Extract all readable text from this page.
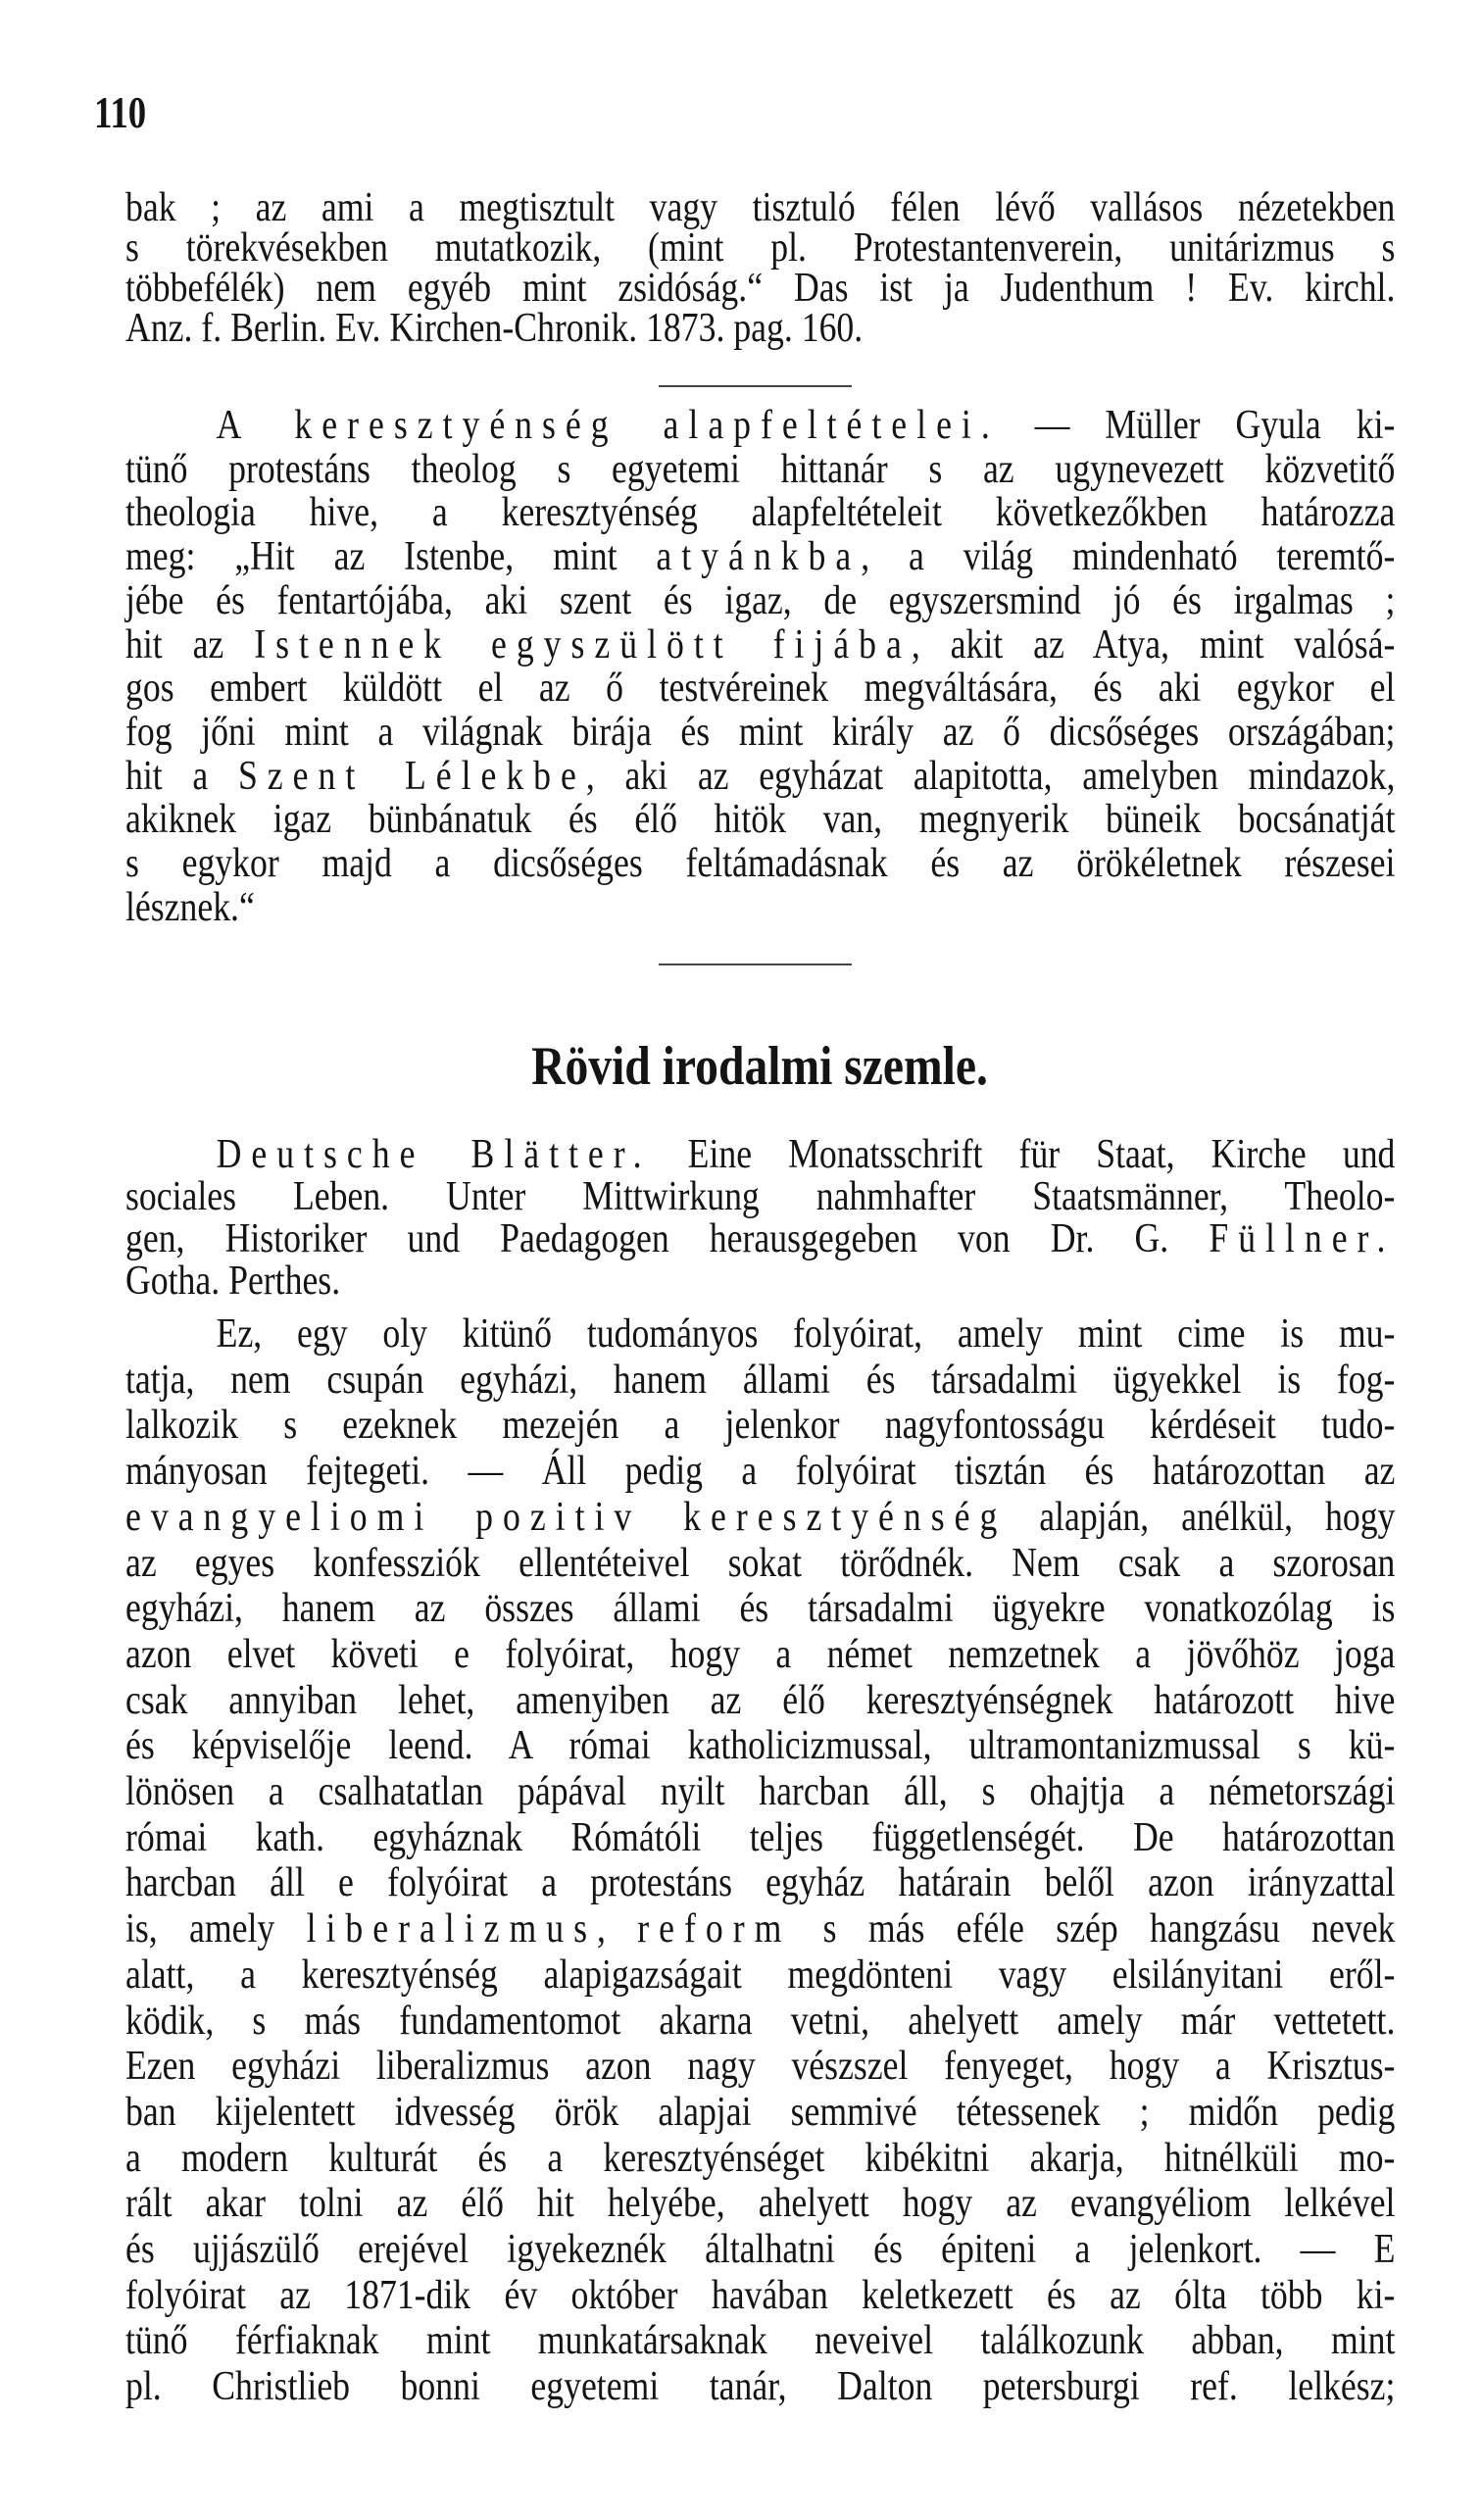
110
bak ; az ami a megtisztult vagy tisztuló félen lévő vallásos nézetekben
s törekvésekben mutatkozik, (mint pl. Protestantenverein, unitárizmus s
többefélék) nem egyéb mint zsidóság.“ Das ist ja Judenthum ! Ev. kirchl.
Anz. f. Berlin. Ev. Kirchen-Chronik. 1873. pag. 160.
A keresztyénség alapfeltételei. — Müller Gyula ki-
tünő protestáns theolog s egyetemi hittanár s az ugynevezett közvetitő
theologia hive, a keresztyénség alapfeltételeit következőkben határozza
meg: „Hit az Istenbe, mint atyánkba, a világ mindenható teremtő-
jébe és fentartójába, aki szent és igaz, de egyszersmind jó és irgalmas ;
hit az Istennek egyszülött fijába, akit az Atya, mint valósá-
gos embert küldött el az ő testvéreinek megváltására, és aki egykor el
fog jőni mint a világnak birája és mint király az ő dicsőséges országában;
hit a Szent Lélekbe, aki az egyházat alapitotta, amelyben mindazok,
akiknek igaz bünbánatuk és élő hitök van, megnyerik büneik bocsánatját
s egykor majd a dicsőséges feltámadásnak és az örökéletnek részesei
lésznek.“
Rövid irodalmi szemle.
Deutsche Blätter. Eine Monatsschrift für Staat, Kirche und
sociales Leben. Unter Mittwirkung nahmhafter Staatsmänner, Theolo-
gen, Historiker und Paedagogen herausgegeben von Dr. G. Füllner.
Gotha. Perthes.
Ez, egy oly kitünő tudományos folyóirat, amely mint cime is mu-
tatja, nem csupán egyházi, hanem állami és társadalmi ügyekkel is fog-
lalkozik s ezeknek mezején a jelenkor nagyfontosságu kérdéseit tudo-
mányosan fejtegeti. — Áll pedig a folyóirat tisztán és határozottan az
evangyeliomi pozitiv keresztyénség alapján, anélkül, hogy
az egyes konfessziók ellentéteivel sokat törődnék. Nem csak a szorosan
egyházi, hanem az összes állami és társadalmi ügyekre vonatkozólag is
azon elvet követi e folyóirat, hogy a német nemzetnek a jövőhöz joga
csak annyiban lehet, amenyiben az élő keresztyénségnek határozott hive
és képviselője leend. A római katholicizmussal, ultramontanizmussal s kü-
lönösen a csalhatatlan pápával nyilt harcban áll, s ohajtja a németországi
római kath. egyháznak Rómátóli teljes függetlenségét. De határozottan
harcban áll e folyóirat a protestáns egyház határain belől azon irányzattal
is, amely liberalizmus, reform s más eféle szép hangzásu nevek
alatt, a keresztyénség alapigazságait megdönteni vagy elsilányitani eről-
ködik, s más fundamentomot akarna vetni, ahelyett amely már vettetett.
Ezen egyházi liberalizmus azon nagy vészszel fenyeget, hogy a Krisztus-
ban kijelentett idvesség örök alapjai semmivé tétessenek ; midőn pedig
a modern kulturát és a keresztyénséget kibékitni akarja, hitnélküli mo-
rált akar tolni az élő hit helyébe, ahelyett hogy az evangyéliom lelkével
és ujjászülő erejével igyekeznék általhatni és épiteni a jelenkort. — E
folyóirat az 1871-dik év október havában keletkezett és az ólta több ki-
tünő férfiaknak mint munkatársaknak neveivel találkozunk abban, mint
pl. Christlieb bonni egyetemi tanár, Dalton petersburgi ref. lelkész;
